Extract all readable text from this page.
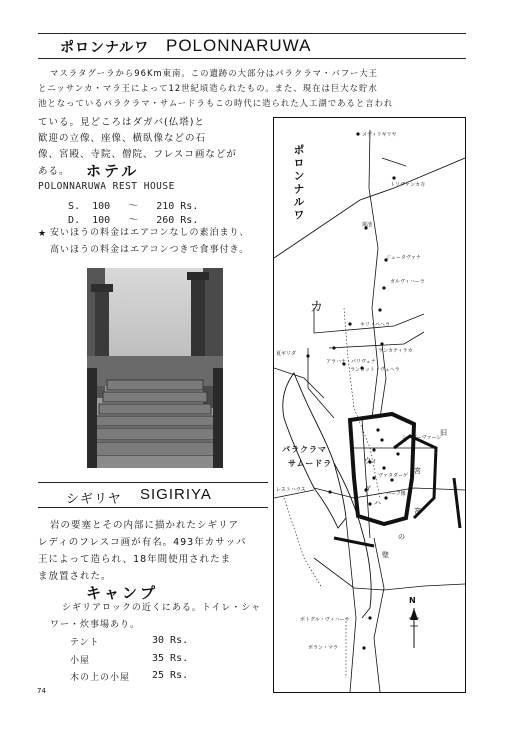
ポロンナルワ POLONNARUWA
マスラタグーラから96Km東南。この遺跡の大部分はパラクラマ・バフー大王
とニッサンカ・マラ王によって12世紀頃造られたもの。また、現在は巨大な貯水
池となっているパラクラマ・サムードラもこの時代に造られた人工湖であると言われ
ている。見どころはダガバ(仏塔)と
歓迎の立像、座像、横臥像などの石
像、宮殿、寺院、僧院、フレスコ画などが
ある。 ホテル
POLONNARUWA REST HOUSE
S. 100 〜 210 Rs.
D. 100 〜 260 Rs.
★ 安いほうの料金はエアコンなしの素泊まり、
高いほうの料金はエアコンつきで食事付き。
シギリヤ SIGIRIYA
岩の要塞とその内部に描かれたシギリア
レディのフレスコ画が有名。493年カサッパ
王によって造られ、18年間使用されたま
ま放置された。
キャンプ
シギリアロックの近くにある。トイレ・シャ
ワー・炊事場あり。
テント	30 Rs.
小屋	35 Rs.
木の上の小屋 25 Rs.
74
ポロンナルワ
カ
パラクラマ
サムードラ
N
メディリギリヤ
トリヴァンカ寺
蓮池
ガルヴィハーラ
ジェータヴァナ
キリ・ベヘラ
ランカティラカ
ランコット・ヴェヘラ
アラハナ・パリヴェナ
夏ギリダ
レストハウス
ヴァタダーゲ
シバデーヴァーレ
パーフ像
ポトグル・ヴィハーラ
ポラン・マラ
宮
宮
旧
壁
ウィ
ハ
ダ
の
